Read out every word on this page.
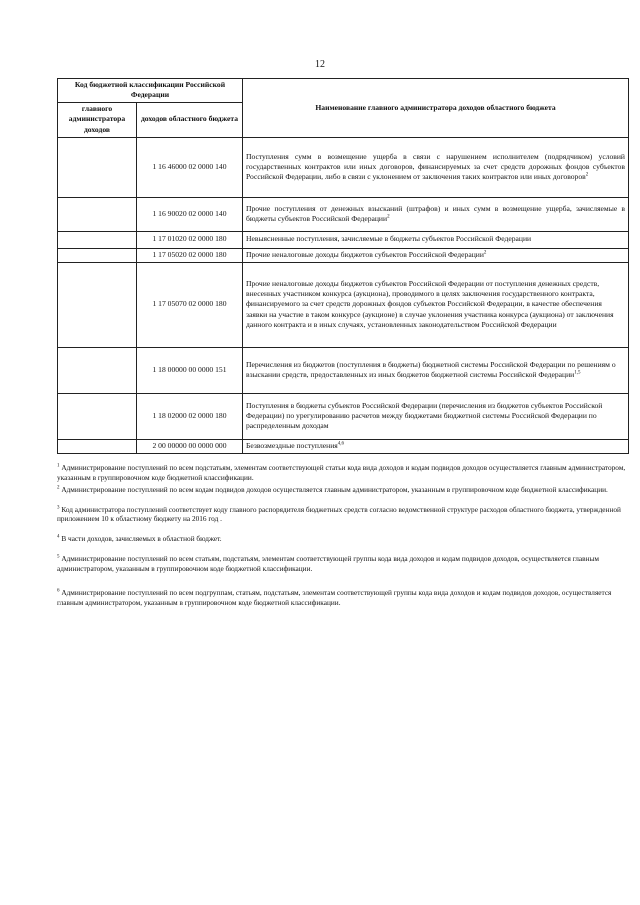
12
Код бюджетной классификации Российской Федерации		Наименование главного администратора доходов областного бюджета
главного администратора доходов	доходов областного бюджета	
	1 16 46000 02 0000 140	Поступления сумм в возмещение ущерба в связи с нарушением исполнителем (подрядчиком) условий государственных контрактов или иных договоров, финансируемых за счет средств дорожных фондов субъектов Российской Федерации, либо в связи с уклонением от заключения таких контрактов или иных договоров$^2$
	1 16 90020 02 0000 140	Прочие поступления от денежных взысканий (штрафов) и иных сумм в возмещение ущерба, зачисляемые в бюджеты субъектов Российской Федерации$^2$
	1 17 01020 02 0000 180	Невыясненные поступления, зачисляемые в бюджеты субъектов Российской Федерации
	1 17 05020 02 0000 180	Прочие неналоговые доходы бюджетов субъектов Российской Федерации$^2$
	1 17 05070 02 0000 180	Прочие неналоговые доходы бюджетов субъектов Российской Федерации от поступления денежных средств, внесенных участником конкурса (аукциона), проводимого в целях заключения государственного контракта, финансируемого за счет средств дорожных фондов субъектов Российской Федерации, в качестве обеспечения заявки на участие в таком конкурсе (аукционе) в случае уклонения участника конкурса (аукциона) от заключения данного контракта и в иных случаях, установленных законодательством Российской Федерации
	1 18 00000 00 0000 151	Перечисления из бюджетов (поступления в бюджеты) бюджетной системы Российской Федерации по решениям о взыскании средств, предоставленных из иных бюджетов бюджетной системы Российской Федерации$^{1,5}$
	1 18 02000 02 0000 180	Поступления в бюджеты субъектов Российской Федерации (перечисления из бюджетов субъектов Российской Федерации) по урегулированию расчетов между бюджетами бюджетной системы Российской Федерации по распределенным доходам
	2 00 00000 00 0000 000	Безвозмездные поступления$^{4,6}$

$^1$ Администрирование поступлений по всем подстатьям, элементам соответствующей статьи кода вида доходов и кодам подвидов доходов осуществляется главным администратором, указанным в группировочном коде бюджетной классификации.

$^2$ Администрирование поступлений по всем кодам подвидов доходов осуществляется главным администратором, указанным в группировочном коде бюджетной классификации.

$^3$ Код администратора поступлений соответствует коду главного распорядителя бюджетных средств согласно ведомственной структуре расходов областного бюджета, утвержденной приложением 10 к областному бюджету на 2016 год .

$^4$ В части доходов, зачисляемых в областной бюджет.

$^5$ Администрирование поступлений по всем статьям, подстатьям, элементам соответствующей группы кода вида доходов и кодам подвидов доходов, осуществляется главным администратором, указанным в группировочном коде бюджетной классификации.

$^6$ Администрирование поступлений по всем подгруппам, статьям, подстатьям, элементам соответствующей группы кода вида доходов и кодам подвидов доходов, осуществляется главным администратором, указанным в группировочном коде бюджетной классификации.
